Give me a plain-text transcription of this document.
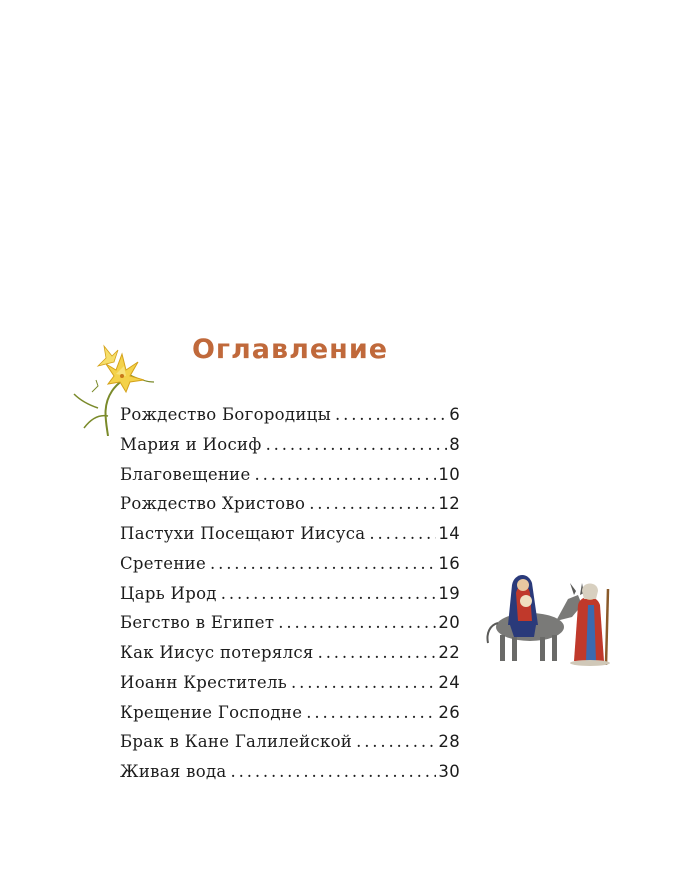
Оглавление
Рождество Богородицы . . .	6
Мария и Иосиф . . .	8
Благовещение . . .	10
Рождество Христово . . .	12
Пастухи Посещают Иисуса . . .	14
Сретение . . .	16
Царь Ирод . . .	19
Бегство в Египет . . .	20
Как Иисус потерялся . . .	22
Иоанн Креститель . . .	24
Крещение Господне . . .	26
Брак в Кане Галилейской . . .	28
Живая вода . . .	30
